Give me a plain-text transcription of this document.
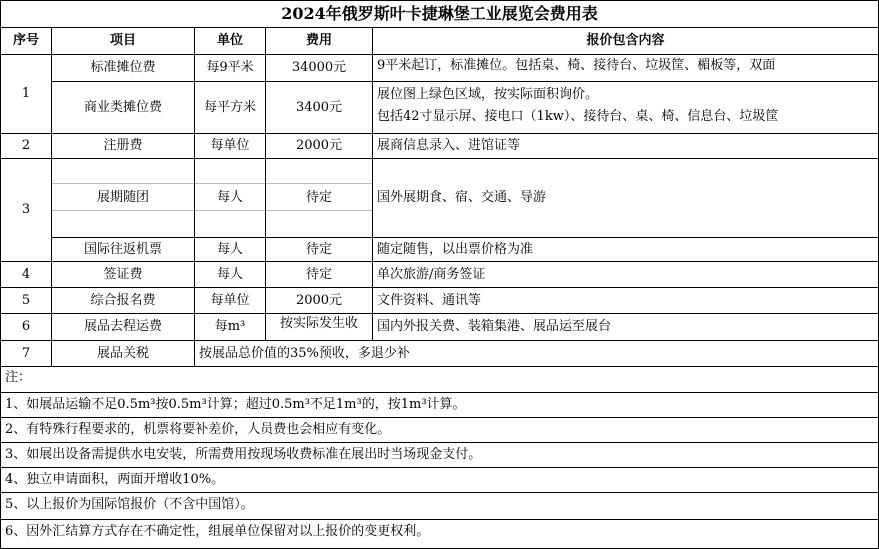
2024年俄罗斯叶卡捷琳堡工业展览会费用表
序号	项目	单位	费用	报价包含内容
1
标准摊位费	每9平米	34000元	9平米起订，标准摊位。包括桌、椅、接待台、垃圾筐、楣板等，双面
商业类摊位费	每平方米	3400元
展位图上绿色区域，按实际面积询价。
包括42寸显示屏、接电口（1kw）、接待台、桌、椅、信息台、垃圾筐
2	注册费	每单位	2000元	展商信息录入、进馆证等
3
展期随团	每人	待定	国外展期食、宿、交通、导游
国际往返机票	每人	待定	随定随售，以出票价格为准
4	签证费	每人	待定	单次旅游/商务签证
5	综合报名费	每单位	2000元	文件资料、通讯等
6	展品去程运费	每m³	按实际发生收	国内外报关费、装箱集港、展品运至展台
7	展品关税	按展品总价值的35%预收，多退少补
注：
1、如展品运输不足0.5m³按0.5m³计算；超过0.5m³不足1m³的，按1m³计算。
2、有特殊行程要求的，机票将要补差价，人员费也会相应有变化。
3、如展出设备需提供水电安装，所需费用按现场收费标准在展出时当场现金支付。
4、独立申请面积，两面开增收10%。
5、以上报价为国际馆报价（不含中国馆）。
6、因外汇结算方式存在不确定性，组展单位保留对以上报价的变更权利。
